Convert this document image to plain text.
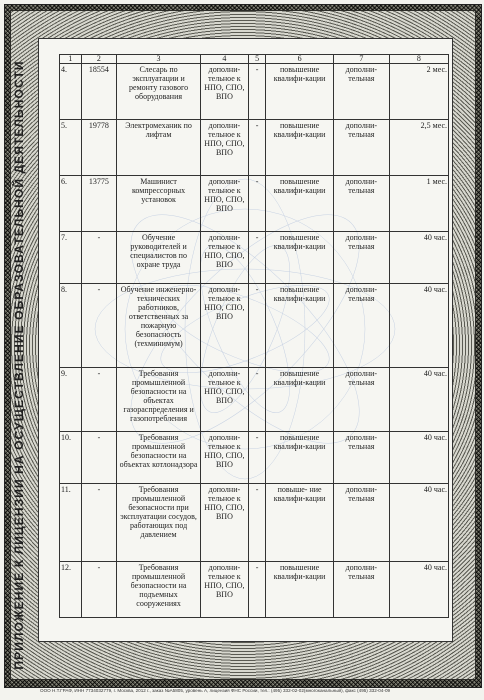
1	2	3	4	5	6	7	8
4.	18554	Слесарь по эксплуатации и ремонту газового оборудования	дополни-тельное к НПО, СПО, ВПО	-	повышение квалифи-кации	дополни-тельная	2 мес.
5.	19778	Электромеханик по лифтам	дополни-тельное к НПО, СПО, ВПО	-	повышение квалифи-кации	дополни-тельная	2,5 мес.
6.	13775	Машинист компрессорных установок	дополни-тельное к НПО, СПО, ВПО	-	повышение квалифи-кации	дополни-тельная	1 мес.
7.	-	Обучение руководителей и специалистов по охране труда	дополни-тельное к НПО, СПО, ВПО	-	повышение квалифи-кации	дополни-тельная	40 час.
8.	-	Обучение инженерно-технических работников, ответственных за пожарную безопасность (техминимум)	дополни-тельное к НПО, СПО, ВПО	-	повышение квалифи-кации	дополни-тельная	40 час.
9.	-	Требования промышленной безопасности на объектах газораспределения и газопотребления	дополни-тельное к НПО, СПО, ВПО	-	повышение квалифи-кации	дополни-тельная	40 час.
10.	-	Требования промышленной безопасности на объектах котлонадзора	дополни-тельное к НПО, СПО, ВПО	-	повышение квалифи-кации	дополни-тельная	40 час.
11.	-	Требования промышленной безопасности при эксплуатации сосудов, работающих под давлением	дополни-тельное к НПО, СПО, ВПО	-	повыше- ние квалифи-кации	дополни-тельная	40 час.
12.	-	Требования промышленной безопасности на подъемных сооружениях	дополни-тельное к НПО, СПО, ВПО	-	повышение квалифи-кации	дополни-тельная	40 час.
ПРИЛОЖЕНИЕ К ЛИЦЕНЗИИ НА ОСУЩЕСТВЛЕНИЕ ОБРАЗОВАТЕЛЬНОЙ ДЕЯТЕЛЬНОСТИ
ООО Н.Т.ГРАФ, ИНН 7734032779, г. Москва, 2012 г., заказ №А5805, уровень А, лицензия ФНС России, тел.: (495) 332-02-02(многоканальный), факс (495) 332-04-09
